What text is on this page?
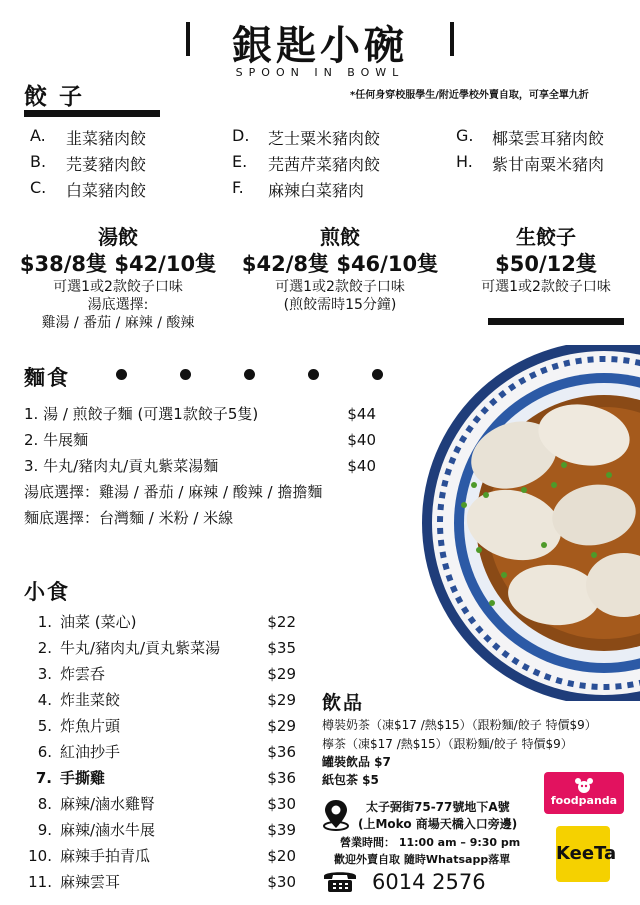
銀匙小碗
SPOON IN BOWL
餃 子	*任何身穿校服學生/附近學校外賣自取，可享全單九折
A.	韭菜豬肉餃
B.	芫荽豬肉餃
C.	白菜豬肉餃
D.	芝士粟米豬肉餃
E.	芫茜芹菜豬肉餃
F.	麻辣白菜豬肉
G.	椰菜雲耳豬肉餃
H.	紫甘南粟米豬肉
湯餃
$38/8隻 $42/10隻
可選1或2款餃子口味
湯底選擇:
雞湯 / 番茄 / 麻辣 / 酸辣
煎餃
$42/8隻 $46/10隻
可選1或2款餃子口味
(煎餃需時15分鐘)
生餃子
$50/12隻
可選1或2款餃子口味
麵食
1. 湯 / 煎餃子麵 (可選1款餃子5隻)	$44
2. 牛展麵	$40
3. 牛丸/豬肉丸/貢丸紫菜湯麵	$40
湯底選擇：雞湯 / 番茄 / 麻辣 / 酸辣 / 擔擔麵
麵底選擇：台灣麵 / 米粉 / 米線
小食
1. 油菜 (菜心)	$22
2. 牛丸/豬肉丸/貢丸紫菜湯	$35
3. 炸雲呑	$29
4. 炸韭菜餃	$29
5. 炸魚片頭	$29
6. 紅油抄手	$36
7. 手撕雞	$36
8. 麻辣/滷水雞腎	$30
9. 麻辣/滷水牛展	$39
10. 麻辣手拍青瓜	$20
11. 麻辣雲耳	$30
飲品
樽裝奶茶（凍$17 /熱$15）（跟粉麵/餃子 特價$9）
檸茶（凍$17 /熱$15）（跟粉麵/餃子 特價$9）
罐裝飲品 $7
紙包茶 $5
太子弼街75-77號地下A號
(上Moko 商場天橋入口旁邊)
營業時間： 11:00 am – 9:30 pm
歡迎外賣自取 隨時Whatsapp落單
6014 2576
foodpanda
KeeTa
